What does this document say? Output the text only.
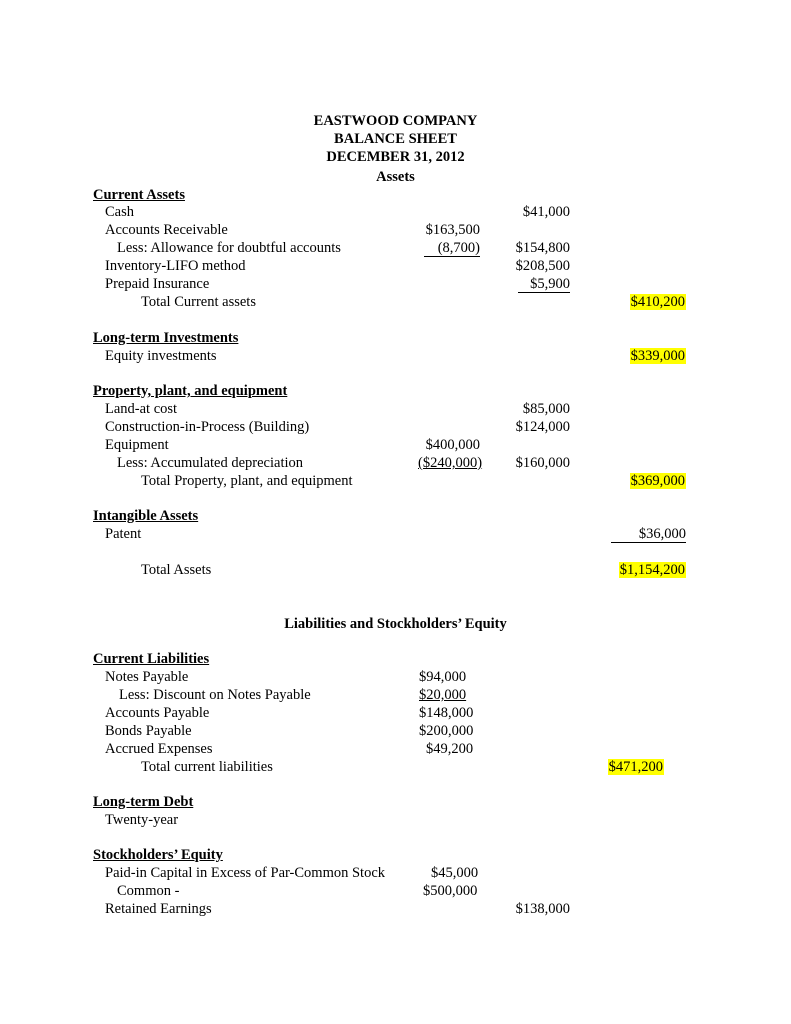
EASTWOOD COMPANY
BALANCE SHEET
DECEMBER 31, 2012
Assets
Current Assets
Cash	$41,000
Accounts Receivable	$163,500
Less: Allowance for doubtful accounts	(8,700)	$154,800
Inventory-LIFO method	$208,500
Prepaid Insurance	$5,900
Total Current assets	$410,200
Long-term Investments
Equity investments	$339,000
Property, plant, and equipment
Land-at cost	$85,000
Construction-in-Process (Building)	$124,000
Equipment	$400,000
Less: Accumulated depreciation	($240,000)	$160,000
Total Property, plant, and equipment	$369,000
Intangible Assets
Patent	$36,000
Total Assets	$1,154,200
Liabilities and Stockholders’ Equity
Current Liabilities
Notes Payable	$94,000
Less: Discount on Notes Payable	$20,000
Accounts Payable	$148,000
Bonds Payable	$200,000
Accrued Expenses	$49,200
Total current liabilities	$471,200
Long-term Debt
Twenty-year
Stockholders’ Equity
Paid-in Capital in Excess of Par-Common Stock	$45,000
Common -	$500,000
Retained Earnings	$138,000
